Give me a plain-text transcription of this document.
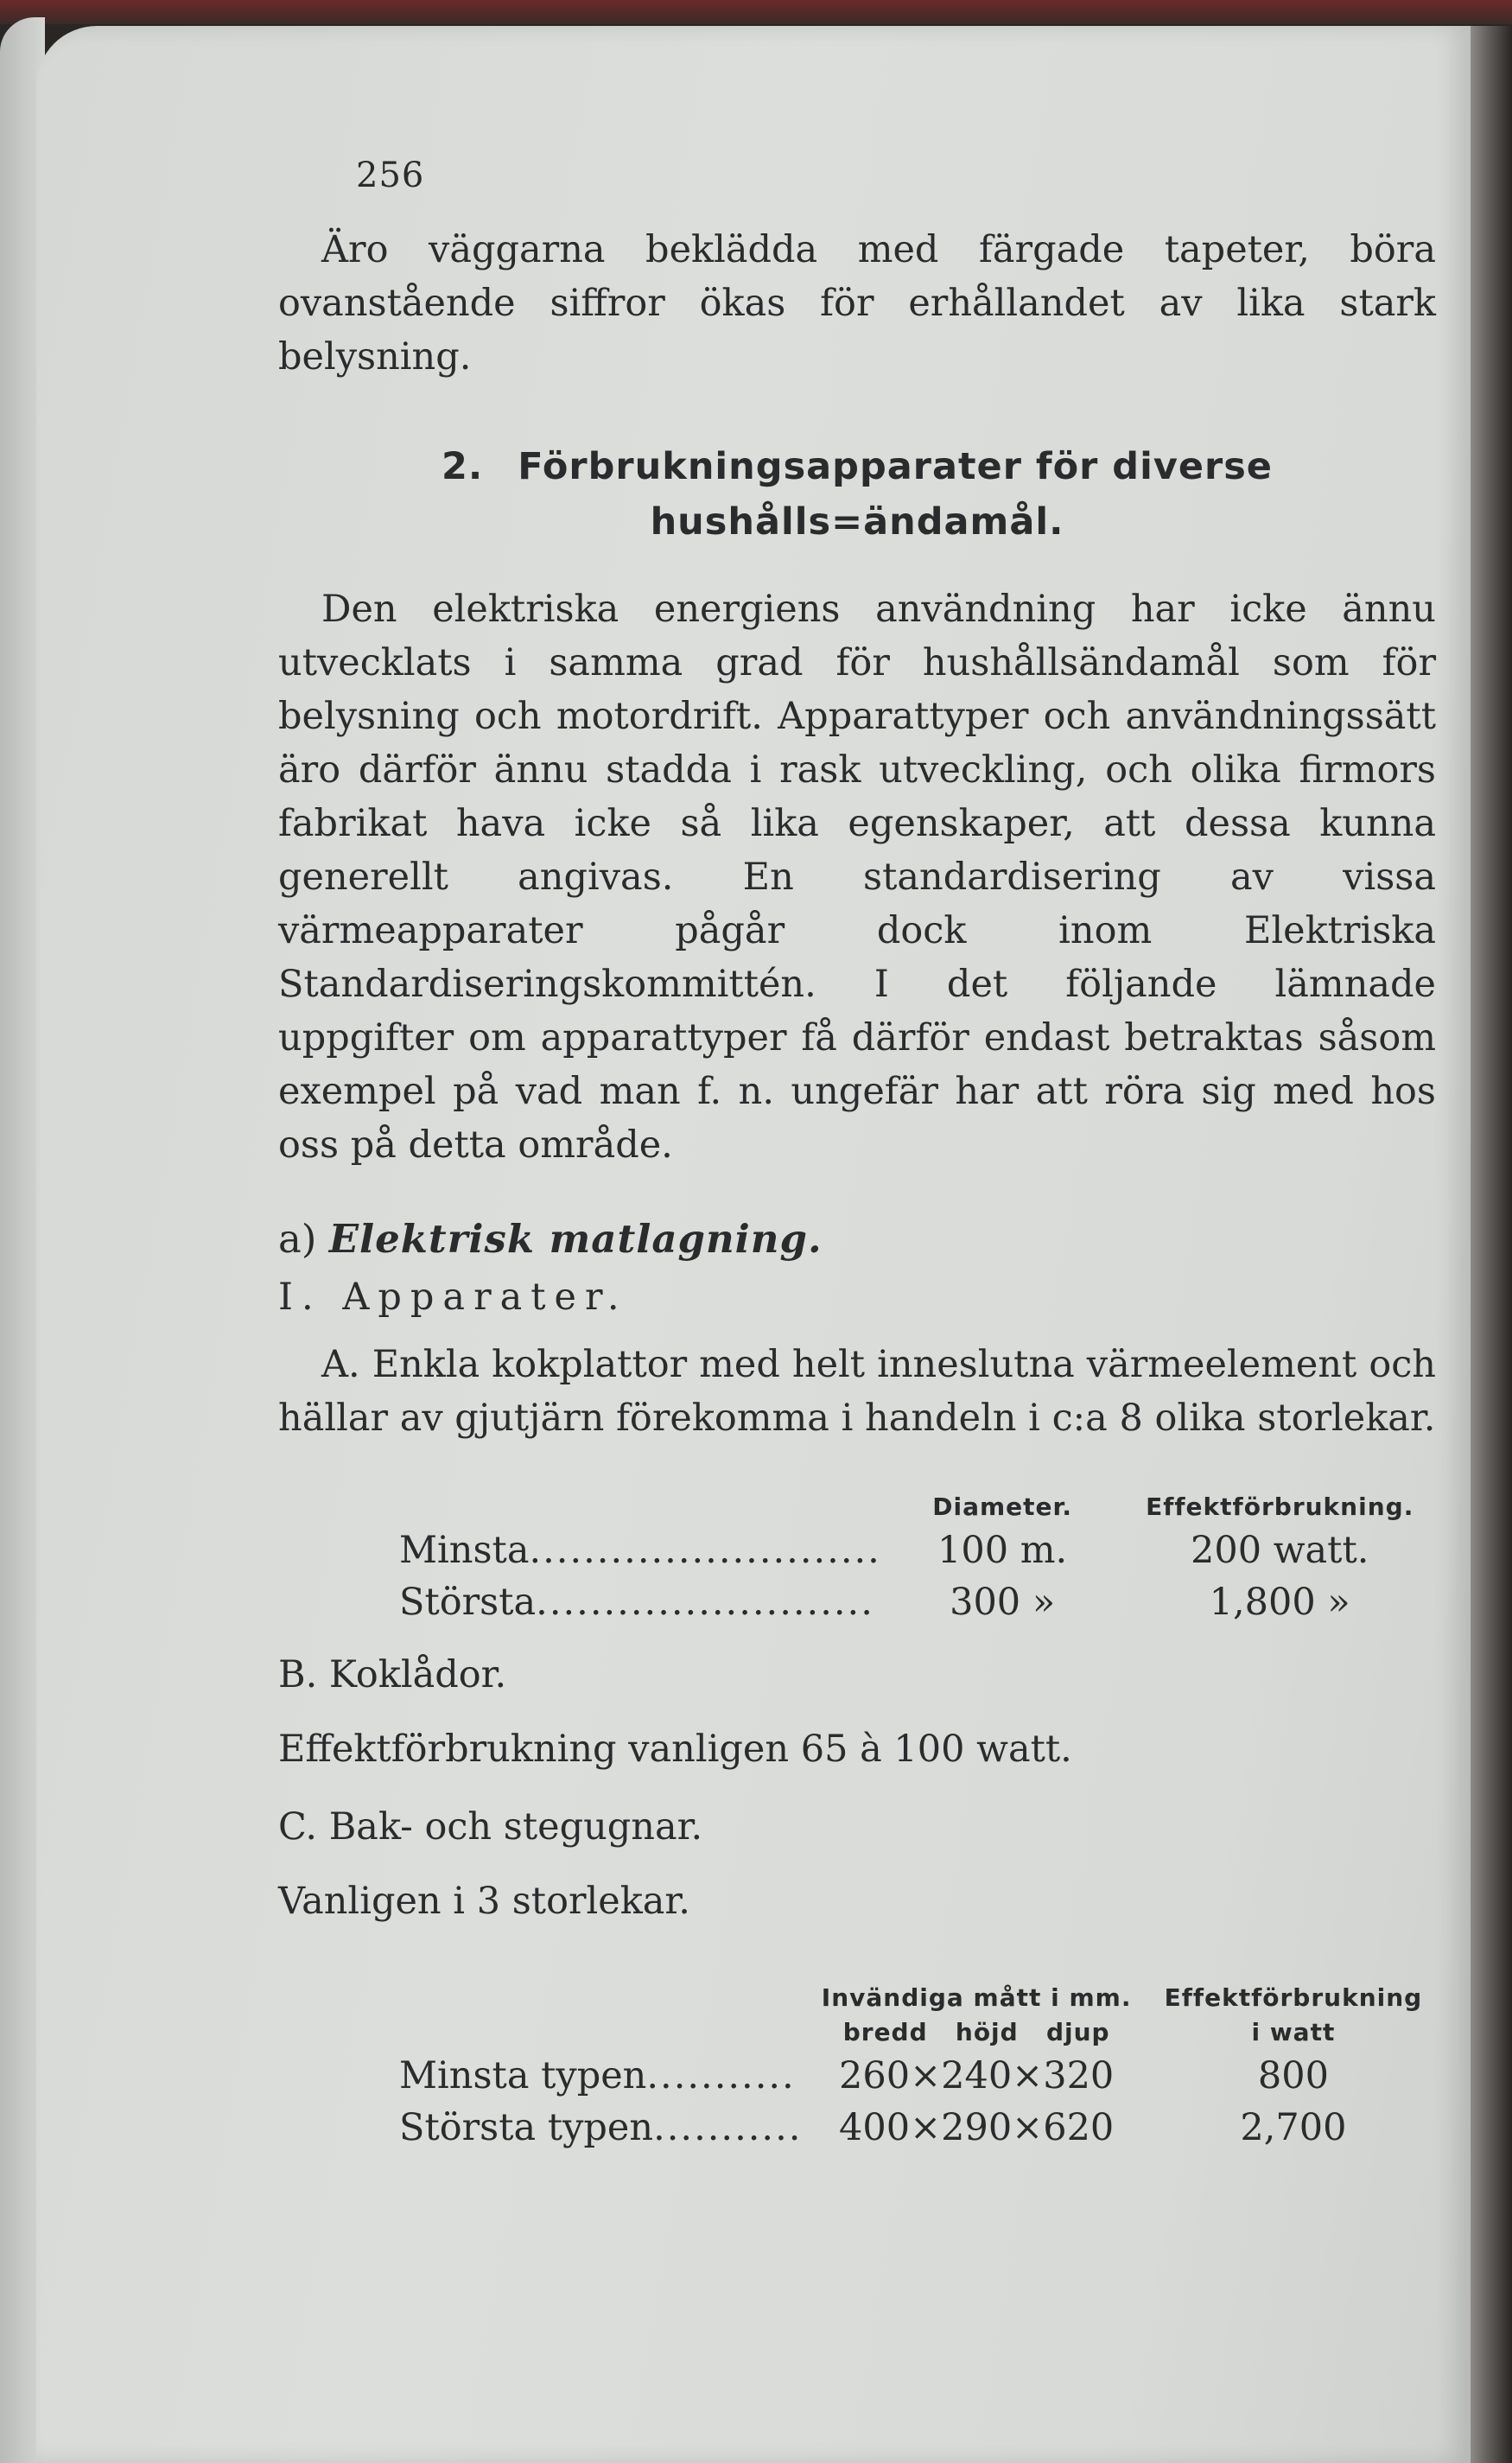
256

Äro väggarna beklädda med färgade tapeter, böra ovanstående siffror ökas för erhållandet av lika stark belysning.

2. Förbrukningsapparater för diverse hushålls=ändamål.

Den elektriska energiens användning har icke ännu utvecklats i samma grad för hushållsändamål som för belysning och motordrift. Apparattyper och användningssätt äro därför ännu stadda i rask utveckling, och olika firmors fabrikat hava icke så lika egenskaper, att dessa kunna generellt angivas. En standardisering av vissa värmeapparater pågår dock inom Elektriska Standardiseringskommittén. I det följande lämnade uppgifter om apparattyper få därför endast betraktas såsom exempel på vad man f. n. ungefär har att röra sig med hos oss på detta område.

a) Elektrisk matlagning.
I. Apparater.

A. Enkla kokplattor med helt inneslutna värmeelement och hällar av gjutjärn förekomma i handeln i c:a 8 olika storlekar.

	Diameter.	Effektförbrukning.
Minsta..........................	100 m.	200 watt.
Största.........................	300 »	1,800 »
B. Koklådor.
Effektförbrukning vanligen 65 à 100 watt.
C. Bak- och stegugnar.
Vanligen i 3 storlekar.
	Invändiga mått i mm.	Effektförbrukning
	bredd   höjd   djup	i watt
Minsta typen...........	260×240×320	800
Största typen...........	400×290×620	2,700
